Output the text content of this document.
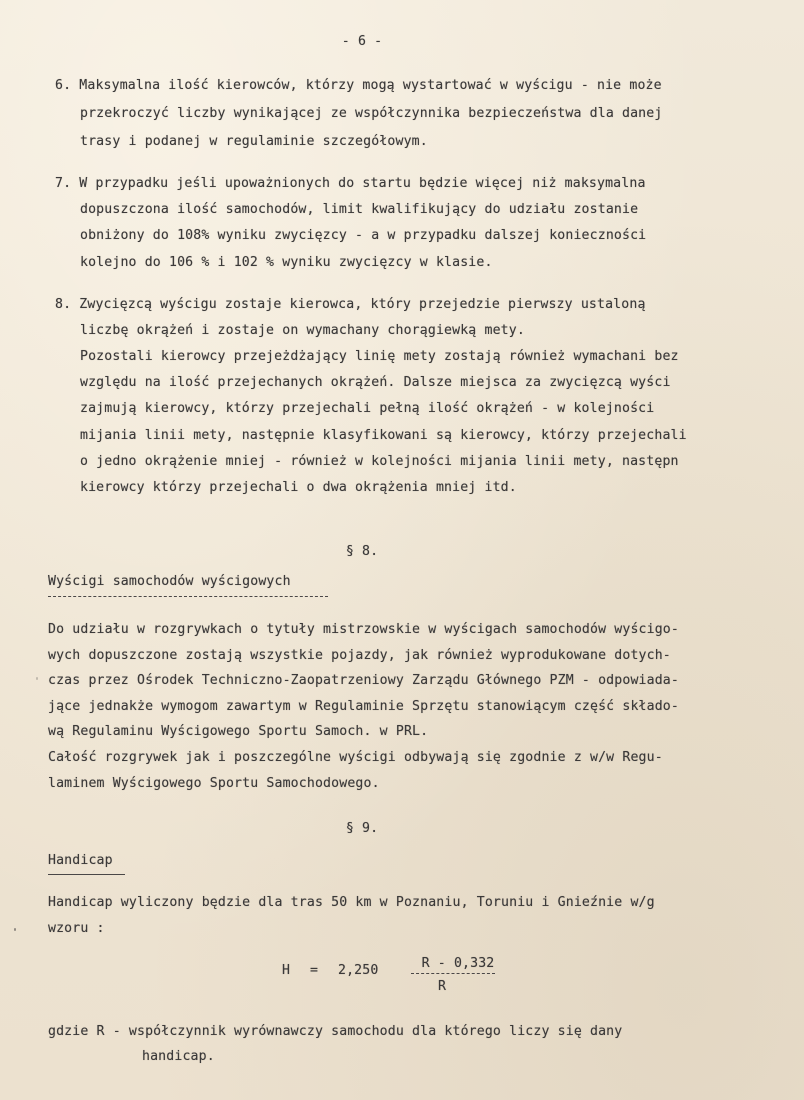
- 6 -
6. Maksymalna ilość kierowców, którzy mogą wystartować w wyścigu - nie może
przekroczyć liczby wynikającej ze współczynnika bezpieczeństwa dla danej
trasy i podanej w regulaminie szczegółowym.
7. W przypadku jeśli upoważnionych do startu będzie więcej niż maksymalna
dopuszczona ilość samochodów, limit kwalifikujący do udziału zostanie
obniżony do 108% wyniku zwycięzcy - a w przypadku dalszej konieczności
kolejno do 106 % i 102 % wyniku zwycięzcy w klasie.
8. Zwycięzcą wyścigu zostaje kierowca, który przejedzie pierwszy ustaloną
liczbę okrążeń i zostaje on wymachany chorągiewką mety.
Pozostali kierowcy przejeżdżający linię mety zostają również wymachani bez
względu na ilość przejechanych okrążeń. Dalsze miejsca za zwycięzcą wyści
zajmują kierowcy, którzy przejechali pełną ilość okrążeń - w kolejności
mijania linii mety, następnie klasyfikowani są kierowcy, którzy przejechali
o jedno okrążenie mniej - również w kolejności mijania linii mety, następn
kierowcy którzy przejechali o dwa okrążenia mniej itd.
§ 8.
Wyścigi samochodów wyścigowych
Do udziału w rozgrywkach o tytuły mistrzowskie w wyścigach samochodów wyścigo-
wych dopuszczone zostają wszystkie pojazdy, jak również wyprodukowane dotych-
czas przez Ośrodek Techniczno-Zaopatrzeniowy Zarządu Głównego PZM - odpowiada-
jące jednakże wymogom zawartym w Regulaminie Sprzętu stanowiącym część składo-
wą Regulaminu Wyścigowego Sportu Samoch. w PRL.
Całość rozgrywek jak i poszczególne wyścigi odbywają się zgodnie z w/w Regu-
laminem Wyścigowego Sportu Samochodowego.
§ 9.
Handicap
Handicap wyliczony będzie dla tras 50 km w Poznaniu, Toruniu i Gnieźnie w/g
wzoru :
H = 2,250	R - 0,332
R
gdzie R - współczynnik wyrównawczy samochodu dla którego liczy się dany
handicap.
